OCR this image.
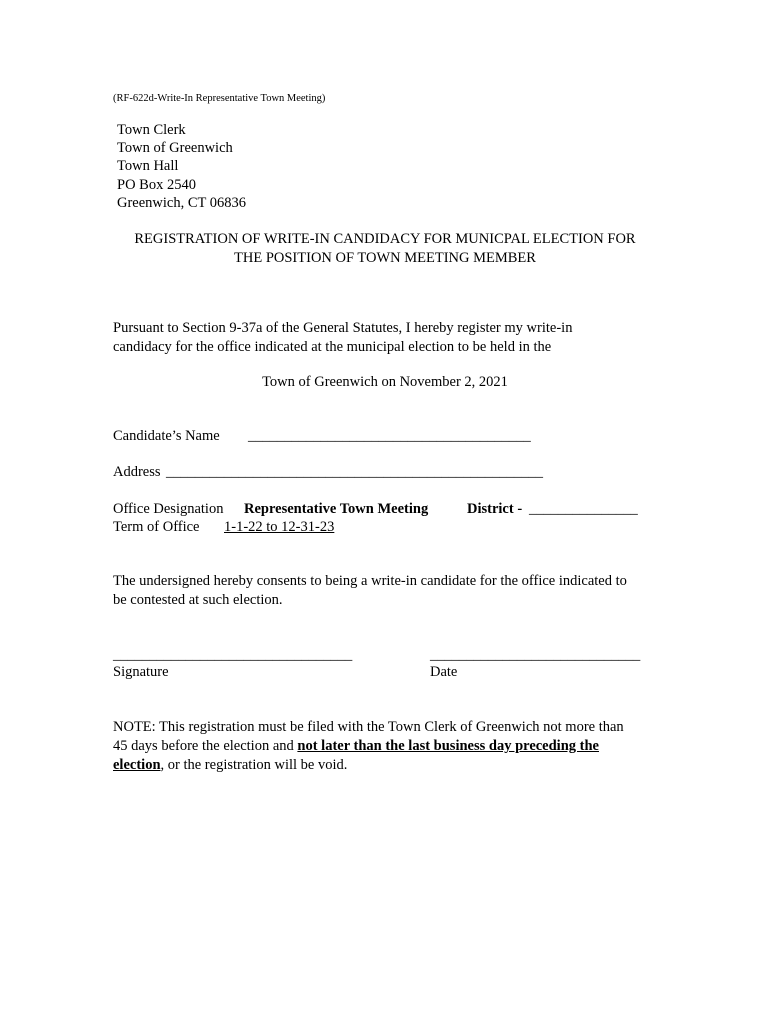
(RF-622d-Write-In Representative Town Meeting)
Town Clerk
Town of Greenwich
Town Hall
PO Box 2540
Greenwich, CT 06836
REGISTRATION OF WRITE-IN CANDIDACY FOR MUNICPAL ELECTION FOR
THE POSITION OF TOWN MEETING MEMBER
Pursuant to Section 9-37a of the General Statutes, I hereby register my write-in
candidacy for the office indicated at the municipal election to be held in the
Town of Greenwich on November 2, 2021
Candidate’s Name _______________________________________
Address ____________________________________________________
Office Designation Representative Town Meeting	District - _______________
Term of Office 1-1-22 to 12-31-23
The undersigned hereby consents to being a write-in candidate for the office indicated to
be contested at such election.
_________________________________
Signature
_____________________________
Date
NOTE: This registration must be filed with the Town Clerk of Greenwich not more than
45 days before the election and not later than the last business day preceding the
election, or the registration will be void.
